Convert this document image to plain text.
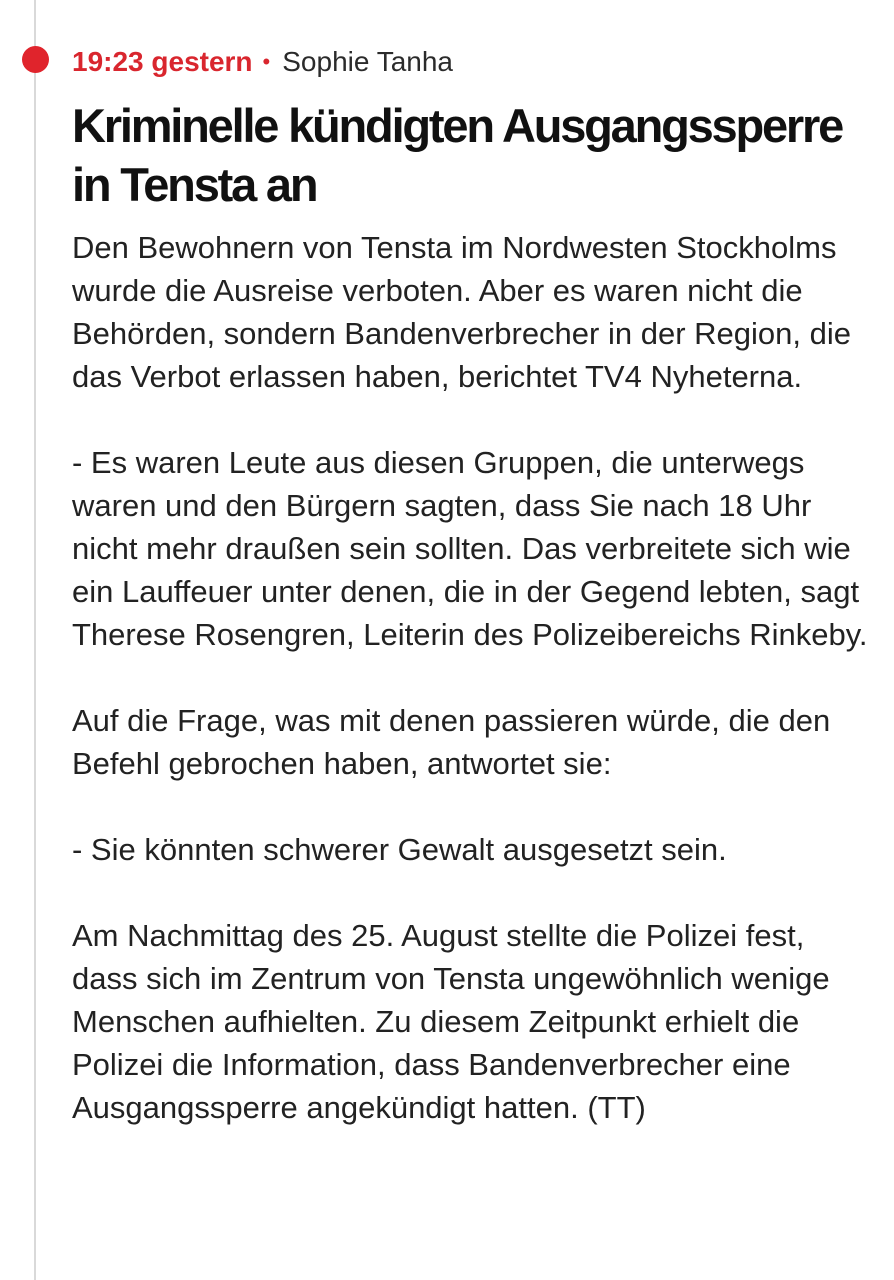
19:23 gestern • Sophie Tanha
Kriminelle kündigten Ausgangssperre in Tensta an

Den Bewohnern von Tensta im Nordwesten Stockholms wurde die Ausreise verboten. Aber es waren nicht die Behörden, sondern Bandenverbrecher in der Region, die das Verbot erlassen haben, berichtet TV4 Nyheterna.

- Es waren Leute aus diesen Gruppen, die unterwegs waren und den Bürgern sagten, dass Sie nach 18 Uhr nicht mehr draußen sein sollten. Das verbreitete sich wie ein Lauffeuer unter denen, die in der Gegend lebten, sagt Therese Rosengren, Leiterin des Polizeibereichs Rinkeby.

Auf die Frage, was mit denen passieren würde, die den Befehl gebrochen haben, antwortet sie:

- Sie könnten schwerer Gewalt ausgesetzt sein.

Am Nachmittag des 25. August stellte die Polizei fest, dass sich im Zentrum von Tensta ungewöhnlich wenige Menschen aufhielten. Zu diesem Zeitpunkt erhielt die Polizei die Information, dass Bandenverbrecher eine Ausgangssperre angekündigt hatten. (TT)
